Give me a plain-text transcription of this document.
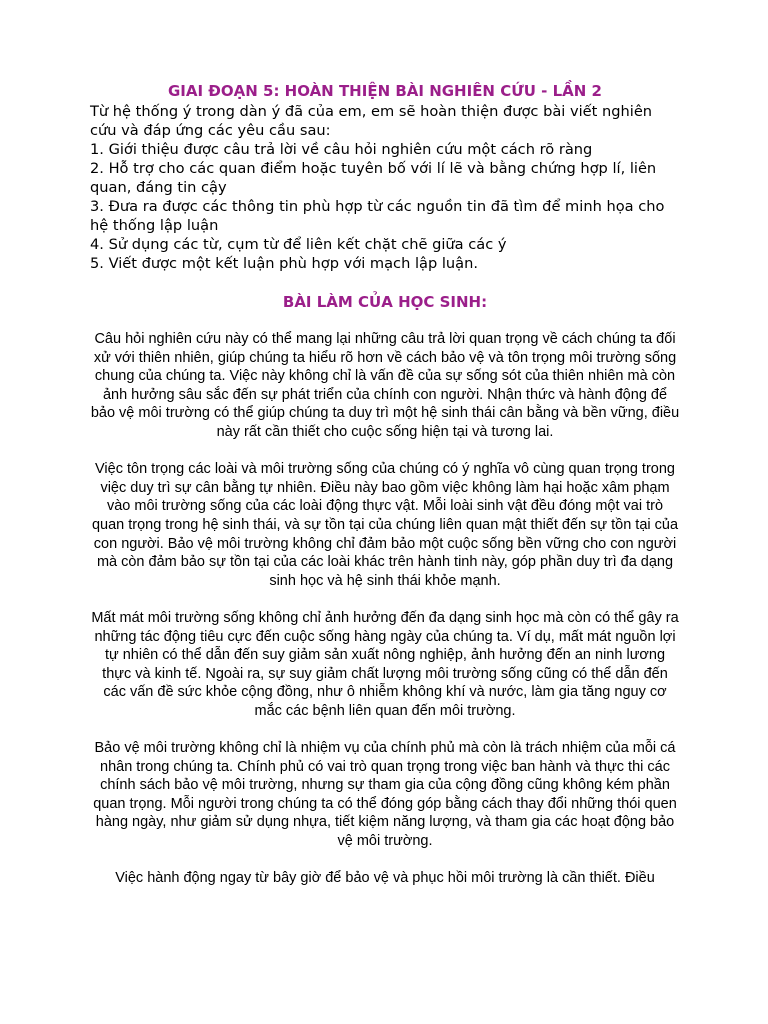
GIAI ĐOẠN 5: HOÀN THIỆN BÀI NGHIÊN CỨU - LẦN 2

Từ hệ thống ý trong dàn ý đã của em, em sẽ hoàn thiện được bài viết nghiên cứu và đáp ứng các yêu cầu sau:

1. Giới thiệu được câu trả lời về câu hỏi nghiên cứu một cách rõ ràng
2. Hỗ trợ cho các quan điểm hoặc tuyên bố với lí lẽ và bằng chứng hợp lí, liên quan, đáng tin cậy
3. Đưa ra được các thông tin phù hợp từ các nguồn tin đã tìm để minh họa cho hệ thống lập luận
4. Sử dụng các từ, cụm từ để liên kết chặt chẽ giữa các ý
5. Viết được một kết luận phù hợp với mạch lập luận.
BÀI LÀM CỦA HỌC SINH:

Câu hỏi nghiên cứu này có thể mang lại những câu trả lời quan trọng về cách chúng ta đối xử với thiên nhiên, giúp chúng ta hiểu rõ hơn về cách bảo vệ và tôn trọng môi trường sống chung của chúng ta. Việc này không chỉ là vấn đề của sự sống sót của thiên nhiên mà còn ảnh hưởng sâu sắc đến sự phát triển của chính con người. Nhận thức và hành động để bảo vệ môi trường có thể giúp chúng ta duy trì một hệ sinh thái cân bằng và bền vững, điều này rất cần thiết cho cuộc sống hiện tại và tương lai.

Việc tôn trọng các loài và môi trường sống của chúng có ý nghĩa vô cùng quan trọng trong việc duy trì sự cân bằng tự nhiên. Điều này bao gồm việc không làm hại hoặc xâm phạm vào môi trường sống của các loài động thực vật. Mỗi loài sinh vật đều đóng một vai trò quan trọng trong hệ sinh thái, và sự tồn tại của chúng liên quan mật thiết đến sự tồn tại của con người. Bảo vệ môi trường không chỉ đảm bảo một cuộc sống bền vững cho con người mà còn đảm bảo sự tồn tại của các loài khác trên hành tinh này, góp phần duy trì đa dạng sinh học và hệ sinh thái khỏe mạnh.

Mất mát môi trường sống không chỉ ảnh hưởng đến đa dạng sinh học mà còn có thể gây ra những tác động tiêu cực đến cuộc sống hàng ngày của chúng ta. Ví dụ, mất mát nguồn lợi tự nhiên có thể dẫn đến suy giảm sản xuất nông nghiệp, ảnh hưởng đến an ninh lương thực và kinh tế. Ngoài ra, sự suy giảm chất lượng môi trường sống cũng có thể dẫn đến các vấn đề sức khỏe cộng đồng, như ô nhiễm không khí và nước, làm gia tăng nguy cơ mắc các bệnh liên quan đến môi trường.

Bảo vệ môi trường không chỉ là nhiệm vụ của chính phủ mà còn là trách nhiệm của mỗi cá nhân trong chúng ta. Chính phủ có vai trò quan trọng trong việc ban hành và thực thi các chính sách bảo vệ môi trường, nhưng sự tham gia của cộng đồng cũng không kém phần quan trọng. Mỗi người trong chúng ta có thể đóng góp bằng cách thay đổi những thói quen hàng ngày, như giảm sử dụng nhựa, tiết kiệm năng lượng, và tham gia các hoạt động bảo vệ môi trường.

Việc hành động ngay từ bây giờ để bảo vệ và phục hồi môi trường là cần thiết. Điều
